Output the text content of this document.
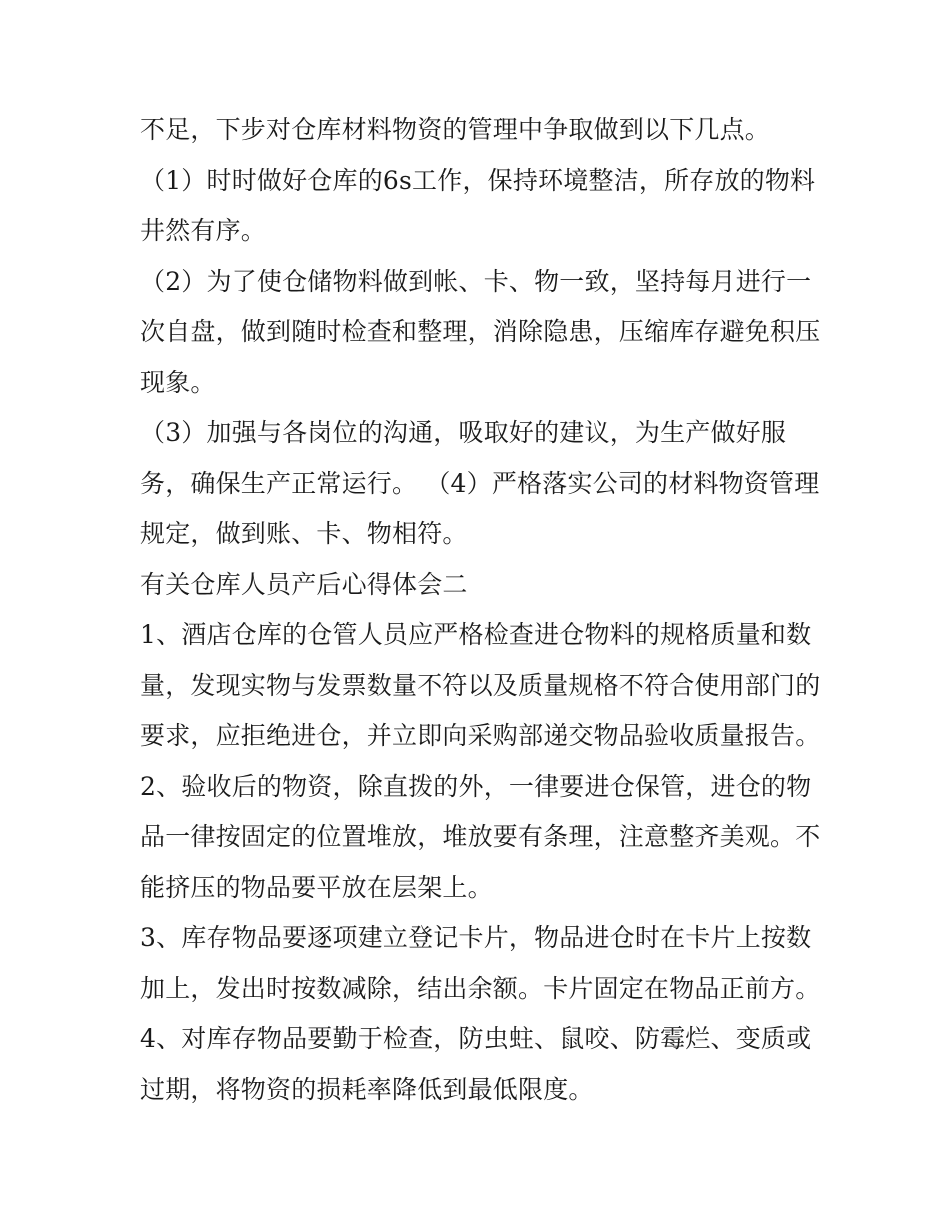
不足，下步对仓库材料物资的管理中争取做到以下几点。
（1）时时做好仓库的6s工作，保持环境整洁，所存放的物料
井然有序。
（2）为了使仓储物料做到帐、卡、物一致，坚持每月进行一
次自盘，做到随时检查和整理，消除隐患，压缩库存避免积压
现象。
（3）加强与各岗位的沟通，吸取好的建议，为生产做好服
务，确保生产正常运行。 （4）严格落实公司的材料物资管理
规定，做到账、卡、物相符。
有关仓库人员产后心得体会二
1、酒店仓库的仓管人员应严格检查进仓物料的规格质量和数
量，发现实物与发票数量不符以及质量规格不符合使用部门的
要求，应拒绝进仓，并立即向采购部递交物品验收质量报告。
2、验收后的物资，除直拨的外，一律要进仓保管，进仓的物
品一律按固定的位置堆放，堆放要有条理，注意整齐美观。不
能挤压的物品要平放在层架上。
3、库存物品要逐项建立登记卡片，物品进仓时在卡片上按数
加上，发出时按数减除，结出余额。卡片固定在物品正前方。
4、对库存物品要勤于检查，防虫蛀、鼠咬、防霉烂、变质或
过期，将物资的损耗率降低到最低限度。
